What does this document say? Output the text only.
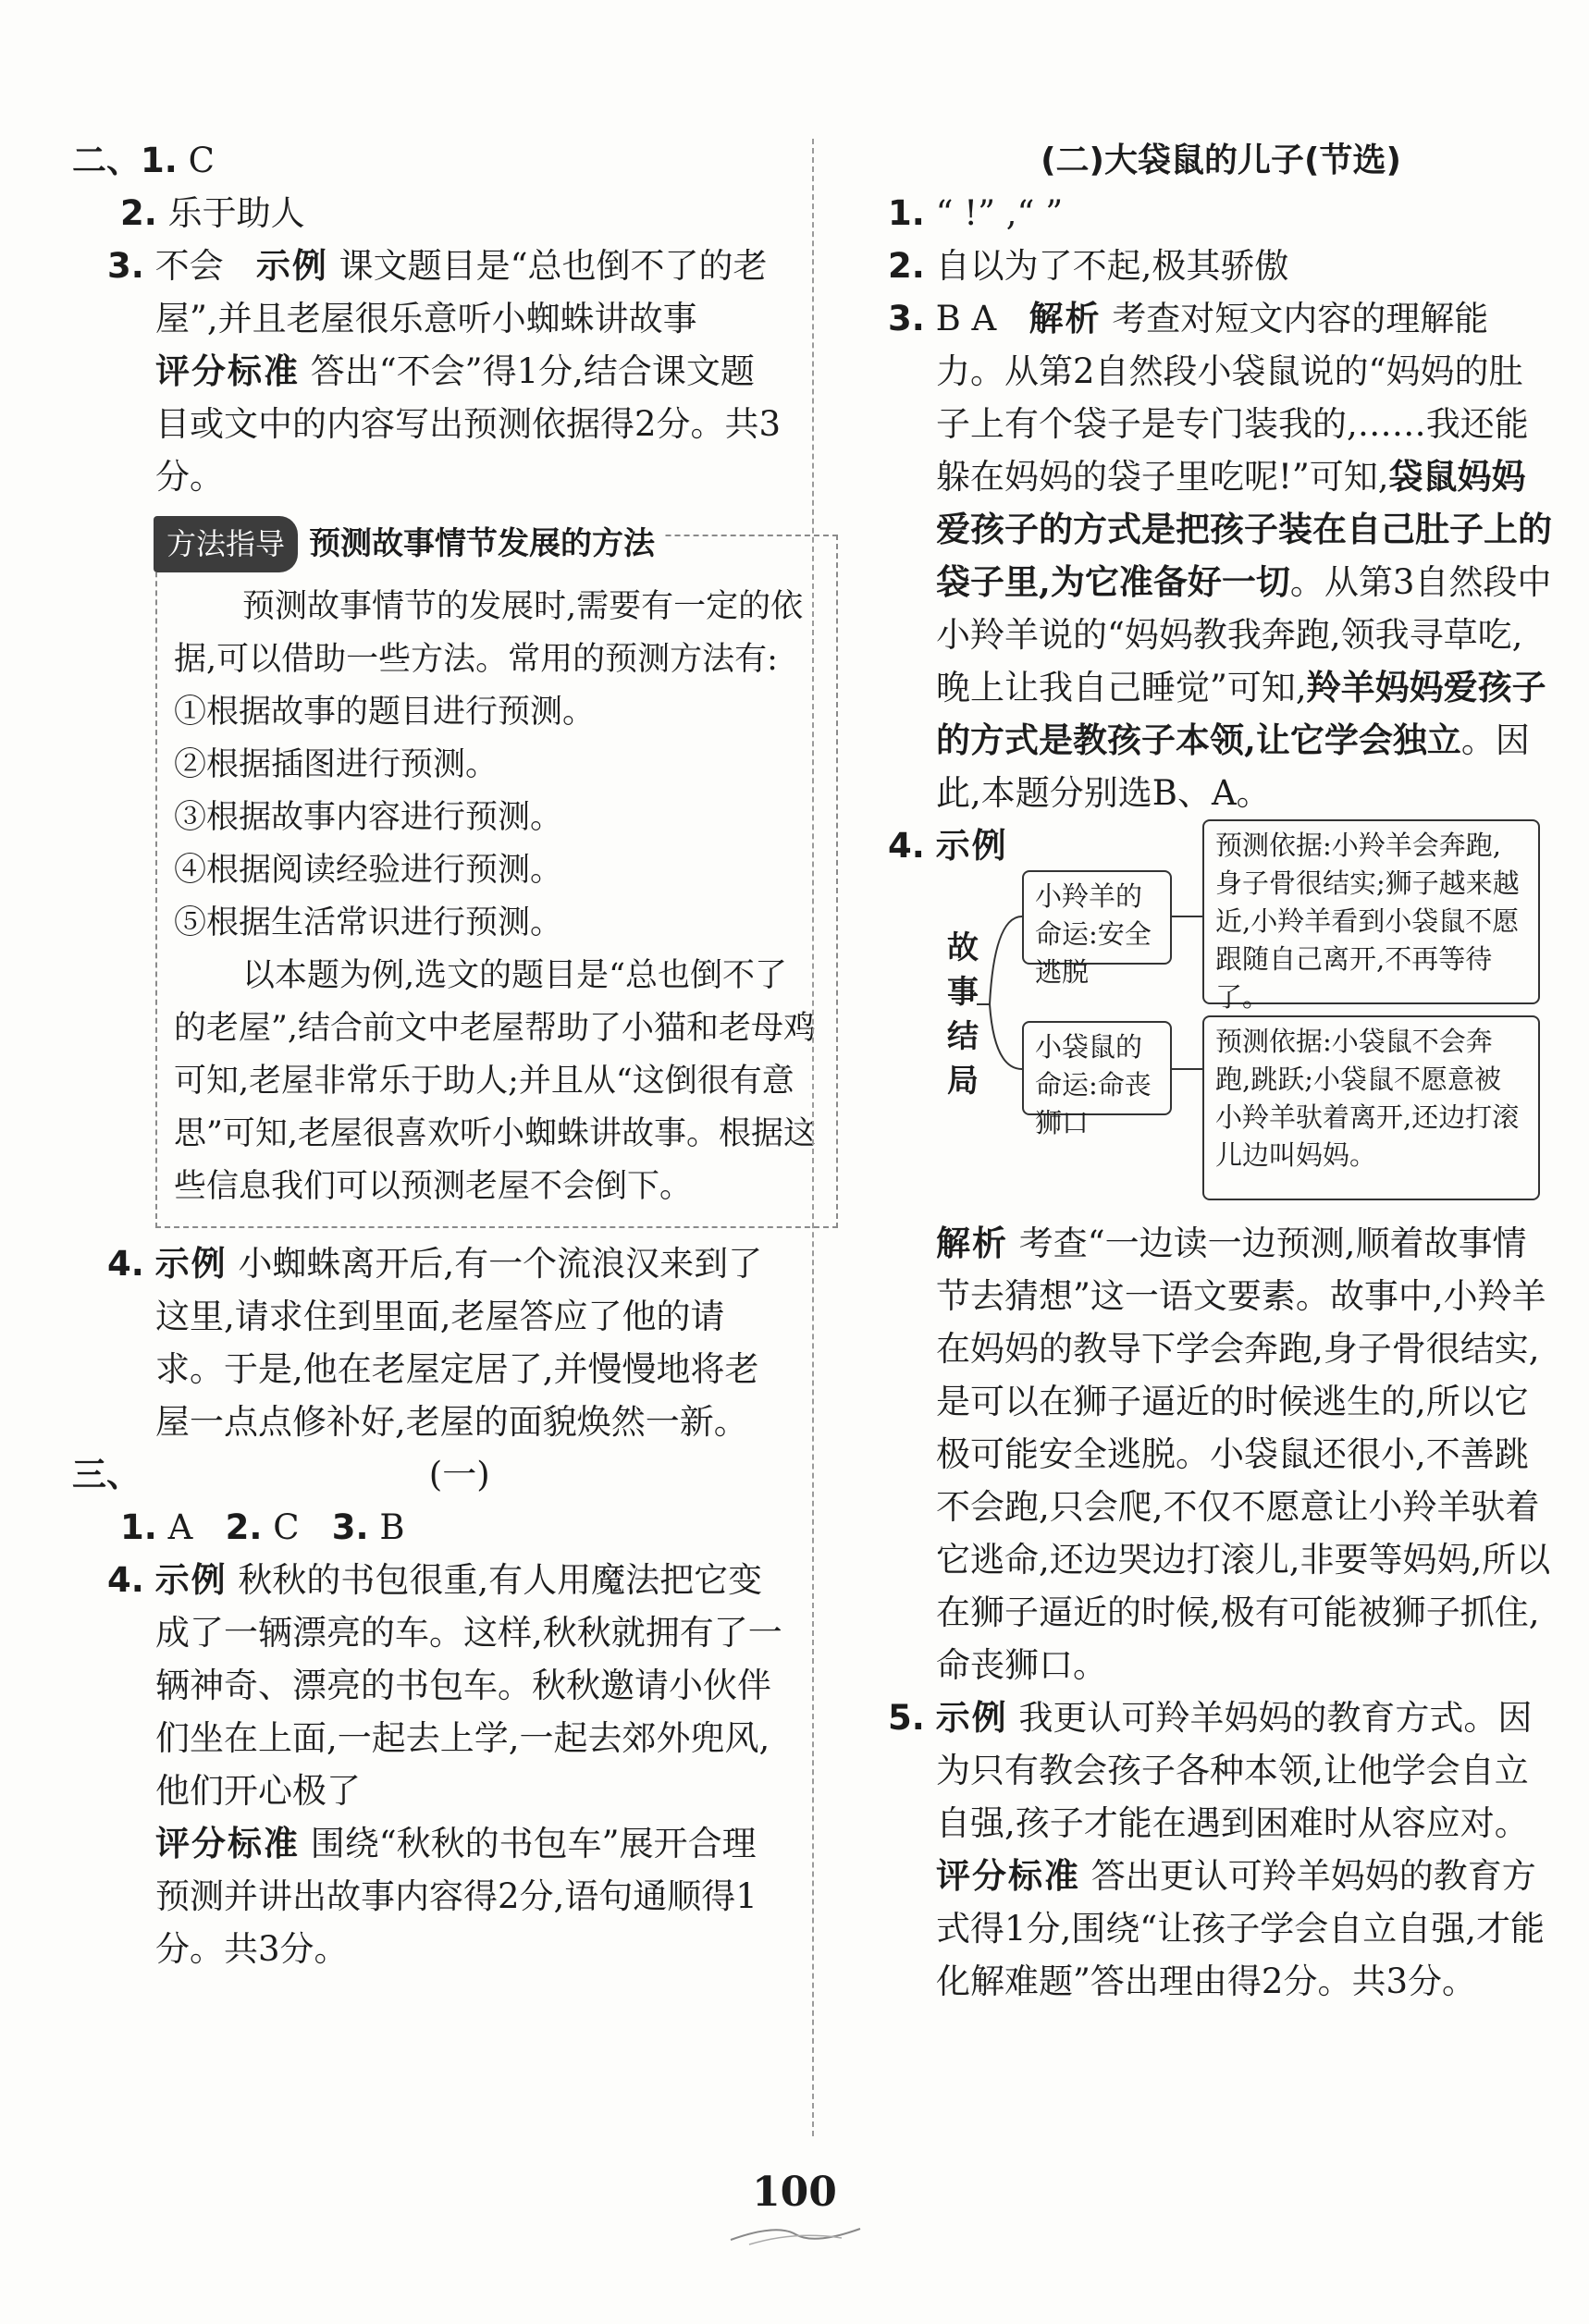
二、1. C

2. 乐于助人

3. 不会 示例 课文题目是“总也倒不了的老屋”,并且老屋很乐意听小蜘蛛讲故事

评分标准 答出“不会”得1分,结合课文题目或文中的内容写出预测依据得2分。共3分。

方法指导 预测故事情节发展的方法

预测故事情节的发展时,需要有一定的依据,可以借助一些方法。常用的预测方法有:

①根据故事的题目进行预测。

②根据插图进行预测。

③根据故事内容进行预测。

④根据阅读经验进行预测。

⑤根据生活常识进行预测。

以本题为例,选文的题目是“总也倒不了的老屋”,结合前文中老屋帮助了小猫和老母鸡可知,老屋非常乐于助人;并且从“这倒很有意思”可知,老屋很喜欢听小蜘蛛讲故事。根据这些信息我们可以预测老屋不会倒下。

4. 示例 小蜘蛛离开后,有一个流浪汉来到了这里,请求住到里面,老屋答应了他的请求。于是,他在老屋定居了,并慢慢地将老屋一点点修补好,老屋的面貌焕然一新。

三、	(一)

1. A 2. C 3. B

4. 示例 秋秋的书包很重,有人用魔法把它变成了一辆漂亮的车。这样,秋秋就拥有了一辆神奇、漂亮的书包车。秋秋邀请小伙伴们坐在上面,一起去上学,一起去郊外兜风,他们开心极了

评分标准 围绕“秋秋的书包车”展开合理预测并讲出故事内容得2分,语句通顺得1分。共3分。

(二)大袋鼠的儿子(节选)

1. “ !” ,“ ”

2. 自以为了不起,极其骄傲

3. B A 解析 考查对短文内容的理解能力。从第2自然段小袋鼠说的“妈妈的肚子上有个袋子是专门装我的,……我还能躲在妈妈的袋子里吃呢!”可知,袋鼠妈妈爱孩子的方式是把孩子装在自己肚子上的袋子里,为它准备好一切。从第3自然段中小羚羊说的“妈妈教我奔跑,领我寻草吃,晚上让我自己睡觉”可知,羚羊妈妈爱孩子的方式是教孩子本领,让它学会独立。因此,本题分别选B、A。

4. 示例

故事结局
小羚羊的命运:安全逃脱
预测依据:小羚羊会奔跑,身子骨很结实;狮子越来越近,小羚羊看到小袋鼠不愿跟随自己离开,不再等待了。
小袋鼠的命运:命丧狮口
预测依据:小袋鼠不会奔跑,跳跃;小袋鼠不愿意被小羚羊驮着离开,还边打滚儿边叫妈妈。

解析 考查“一边读一边预测,顺着故事情节去猜想”这一语文要素。故事中,小羚羊在妈妈的教导下学会奔跑,身子骨很结实,是可以在狮子逼近的时候逃生的,所以它极可能安全逃脱。小袋鼠还很小,不善跳不会跑,只会爬,不仅不愿意让小羚羊驮着它逃命,还边哭边打滚儿,非要等妈妈,所以在狮子逼近的时候,极有可能被狮子抓住,命丧狮口。

5. 示例 我更认可羚羊妈妈的教育方式。因为只有教会孩子各种本领,让他学会自立自强,孩子才能在遇到困难时从容应对。

评分标准 答出更认可羚羊妈妈的教育方式得1分,围绕“让孩子学会自立自强,才能化解难题”答出理由得2分。共3分。

100
